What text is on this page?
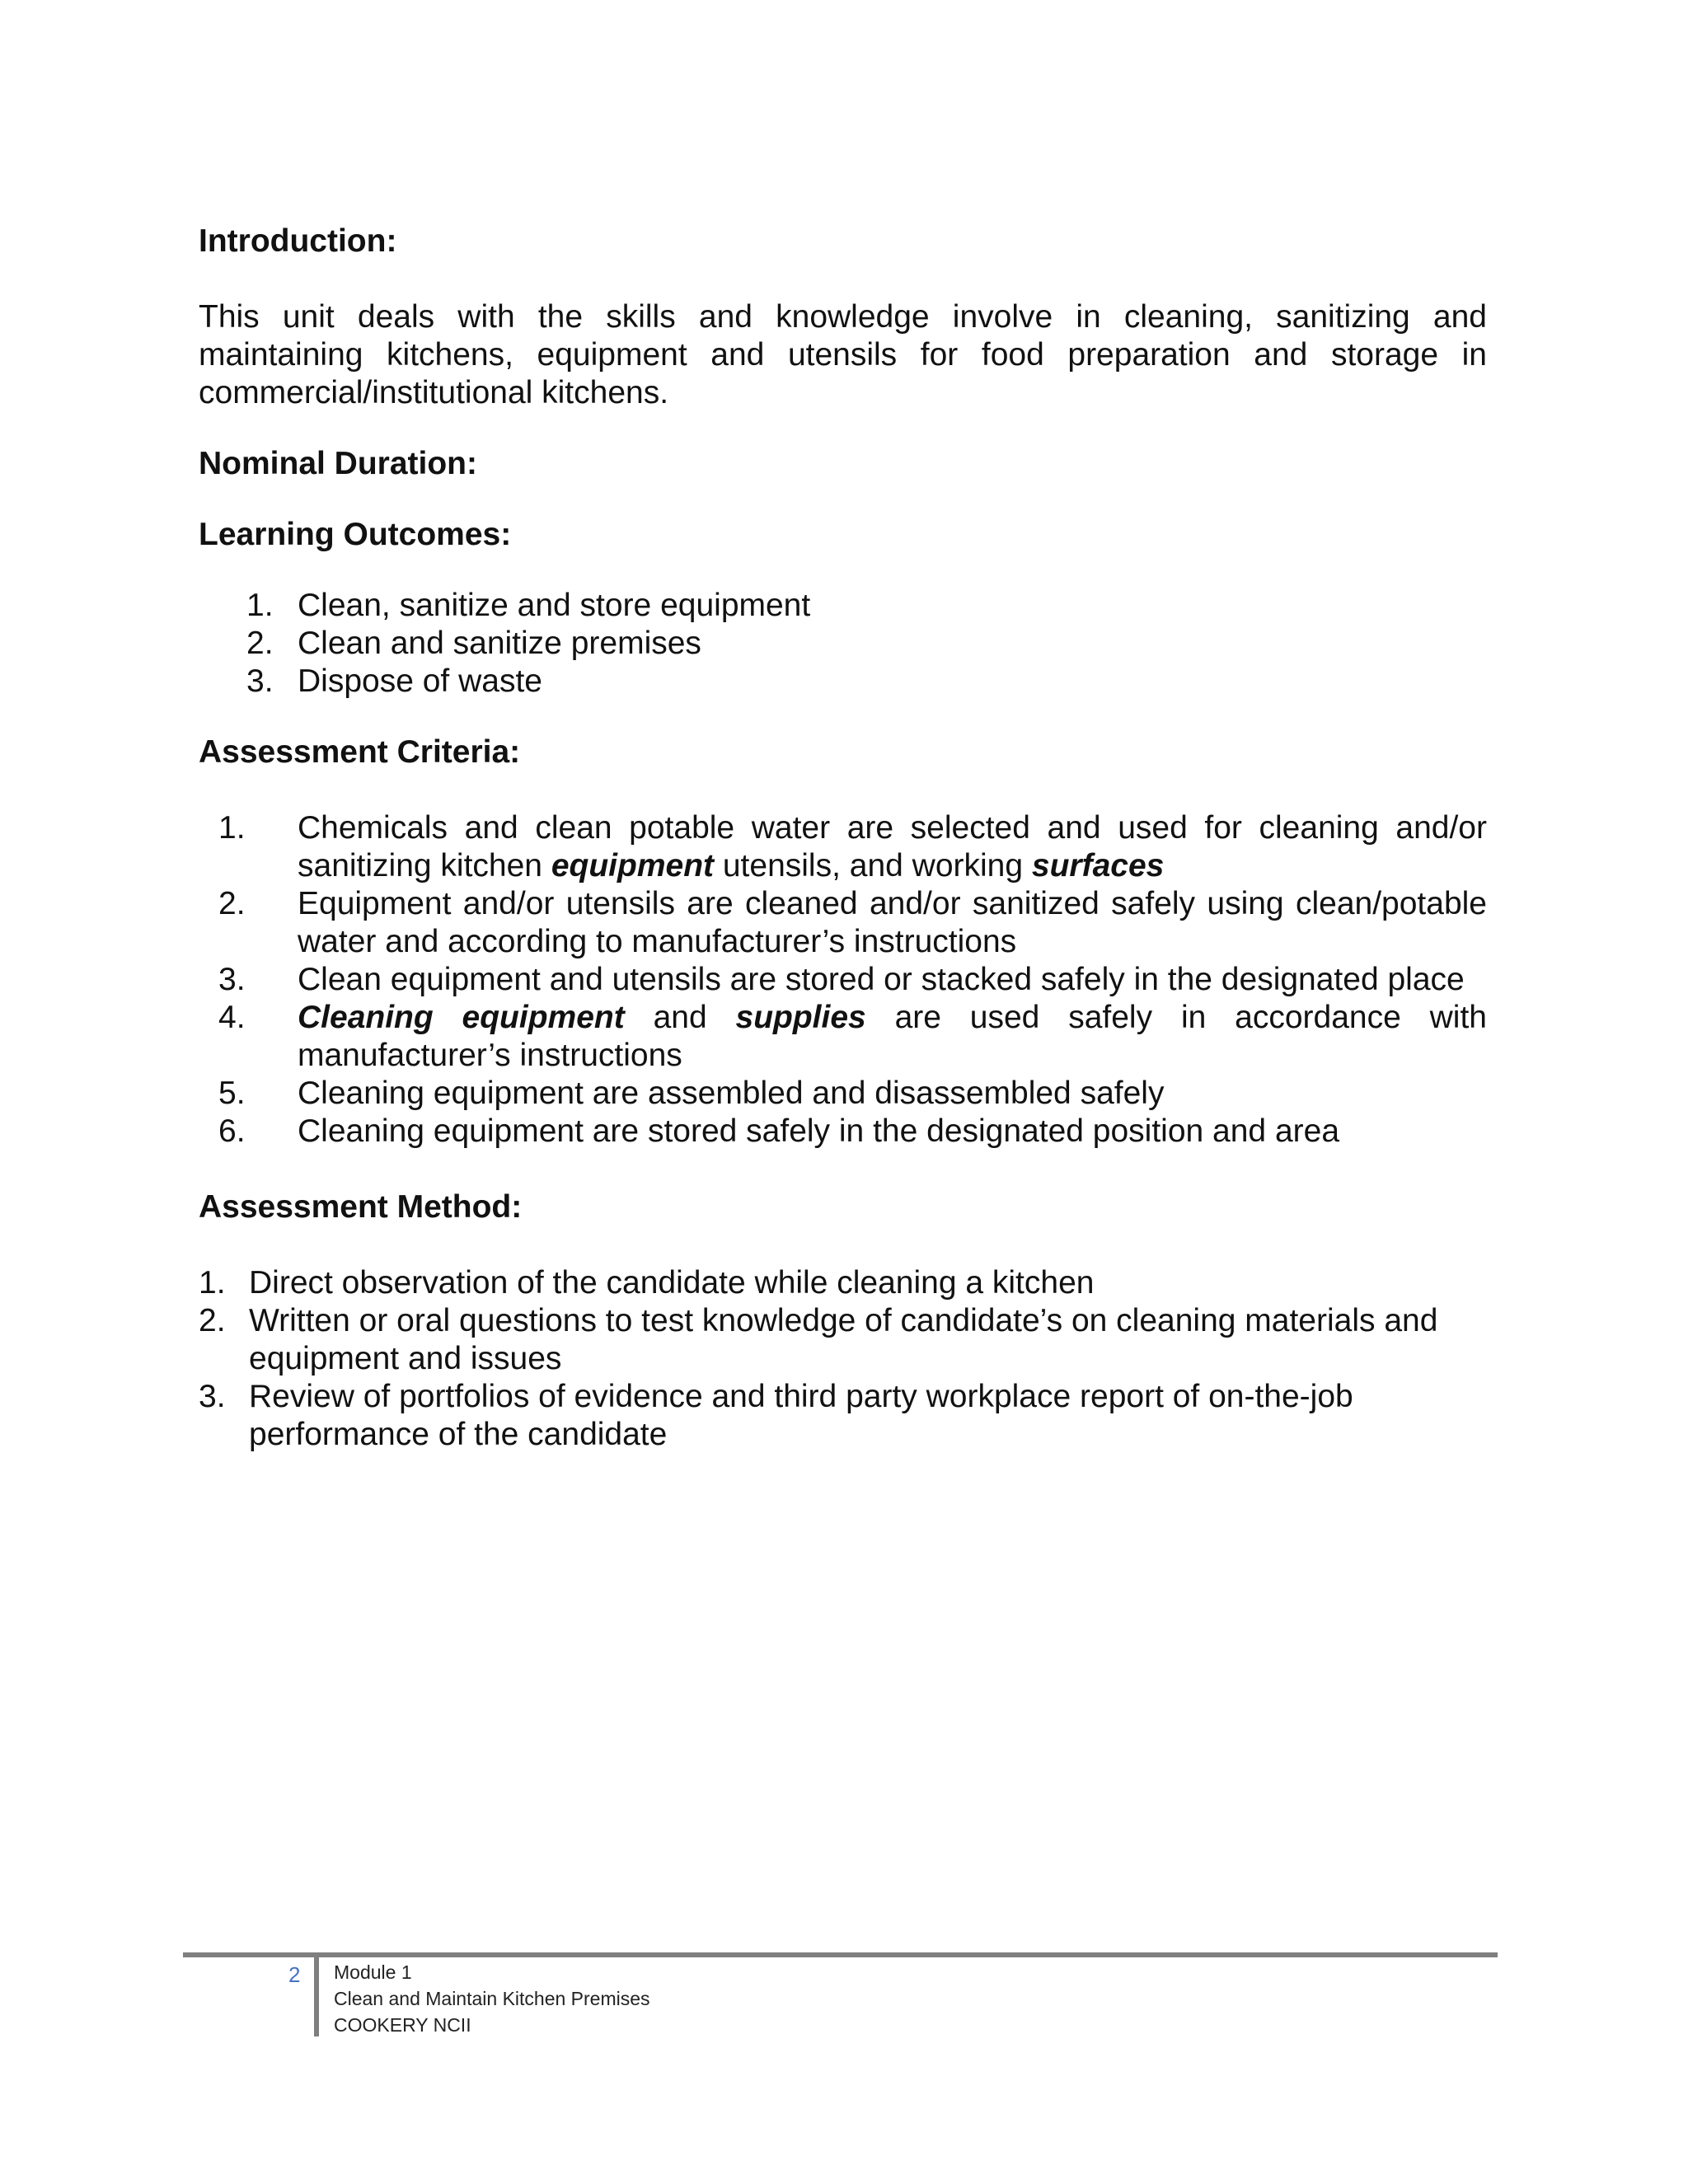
Introduction:

This unit deals with the skills and knowledge involve in cleaning, sanitizing and maintaining kitchens, equipment and utensils for food preparation and storage in commercial/institutional kitchens.

Nominal Duration:

Learning Outcomes:

1. Clean, sanitize and store equipment
2. Clean and sanitize premises
3. Dispose of waste

Assessment Criteria:

1. Chemicals and clean potable water are selected and used for cleaning and/or sanitizing kitchen equipment utensils, and working surfaces
2. Equipment and/or utensils are cleaned and/or sanitized safely using clean/potable water and according to manufacturer’s instructions
3. Clean equipment and utensils are stored or stacked safely in the designated place
4. Cleaning equipment and supplies are used safely in accordance with manufacturer’s instructions
5. Cleaning equipment are assembled and disassembled safely
6. Cleaning equipment are stored safely in the designated position and area

Assessment Method:

1. Direct observation of the candidate while cleaning a kitchen
2. Written or oral questions to test knowledge of candidate’s on cleaning materials and equipment and issues
3. Review of portfolios of evidence and third party workplace report of on-the-job performance of the candidate
2 Module 1
Clean and Maintain Kitchen Premises
COOKERY NCII
